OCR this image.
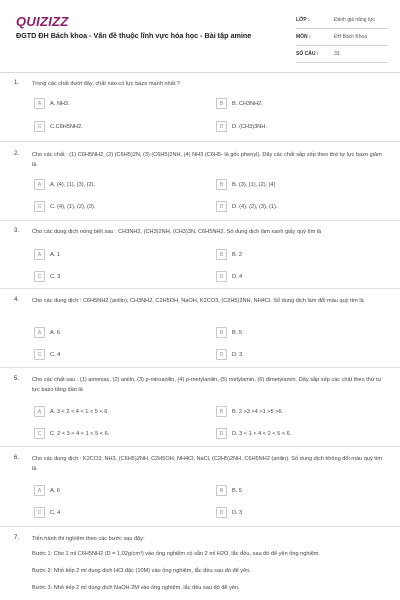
QUIZIZZ
ĐGTD ĐH Bách khoa - Vấn đề thuộc lĩnh vực hóa học - Bài tập amine
LỚP :	Đánh giá năng lực
MÔN :	ĐH Bách Khoa
SỐ CÂU :	33
1. Trong các chất dưới đây, chất nào có lực bazo mạnh nhất ?
A	A. NH3.	B	B. CH3NH2.
C	C.C6H5NH2.	D	D. (CH3)3NH.
2. Cho các chất : (1) C6H5NH2, (2) (C6H5)2N, (3) (C6H5)2NH, (4) NH3 (C6H5- là gốc phenyl). Dãy các chất sắp xếp theo thứ tự lực bazo giảm là
A	A. (4), (1), (3), (2).	B	B. (3), (1), (2), (4)
C	C. (4), (1), (2), (3).	D	D. (4), (2), (3), (1).
3. Cho các dung dịch nóng biệt sau : CH3NH2, (CH3)2NH, (CH3)3N, C6H5NH2. Số dung dịch làm xanh giấy quỳ tím là
A	A. 1	B	B. 2
C	C. 3	D	D. 4
4. Cho các dung dịch : C6H5NH2 (anilin), CH3NH2, C2H5OH, NaOH, K2CO3, (C2H5)2NH, NH4Cl. Số dung dịch làm đổi màu quỳ tím là
A	A. 6	B	B. 5
C	C. 4	D	D. 3
5. Cho các chất sau : (1) amoniac, (2) anilin, (3) p-nitroanilin, (4) p-metylanilin, (5) metylamin, (6) đimetylamin. Dãy sắp xếp các chất theo thứ tự lực bazo tăng dần là
A	A. 3 < 2 < 4 < 1 < 5 < 6.	B	B. 2 >3 >4 >1 >5 >6.
C	C. 2 < 3 < 4 < 1 < 5 < 6.	D	D. 3 < 1 < 4 < 2 < 5 < 6.
6. Cho các dung dịch : K2CO3, NH3, (C6H5)2NH, C2H5OH, NH4Cl, NaCl, (C2H5)2NH, C6H5NH2 (anilin). Số dung dịch không đổi màu quỳ tím là
A	A. 6	B	B. 5
C	C. 4	D	D. 3
7. Tiến hành thí nghiệm theo các bước sau đây:
Bước 1: Cho 1 ml C6H5NH2 (D = 1,02g/cm³) vào ống nghiệm có sẵn 2 ml H2O, lắc đều, sau đó để yên ống nghiệm.
Bước 2: Nhỏ tiếp 2 ml dung dịch HCl đặc (10M) vào ống nghiệm, lắc đều sau đó để yên.
Bước 3: Nhỏ tiếp 2 ml dung dịch NaOH 2M vào ống nghiệm, lắc đều sau đó để yên.
